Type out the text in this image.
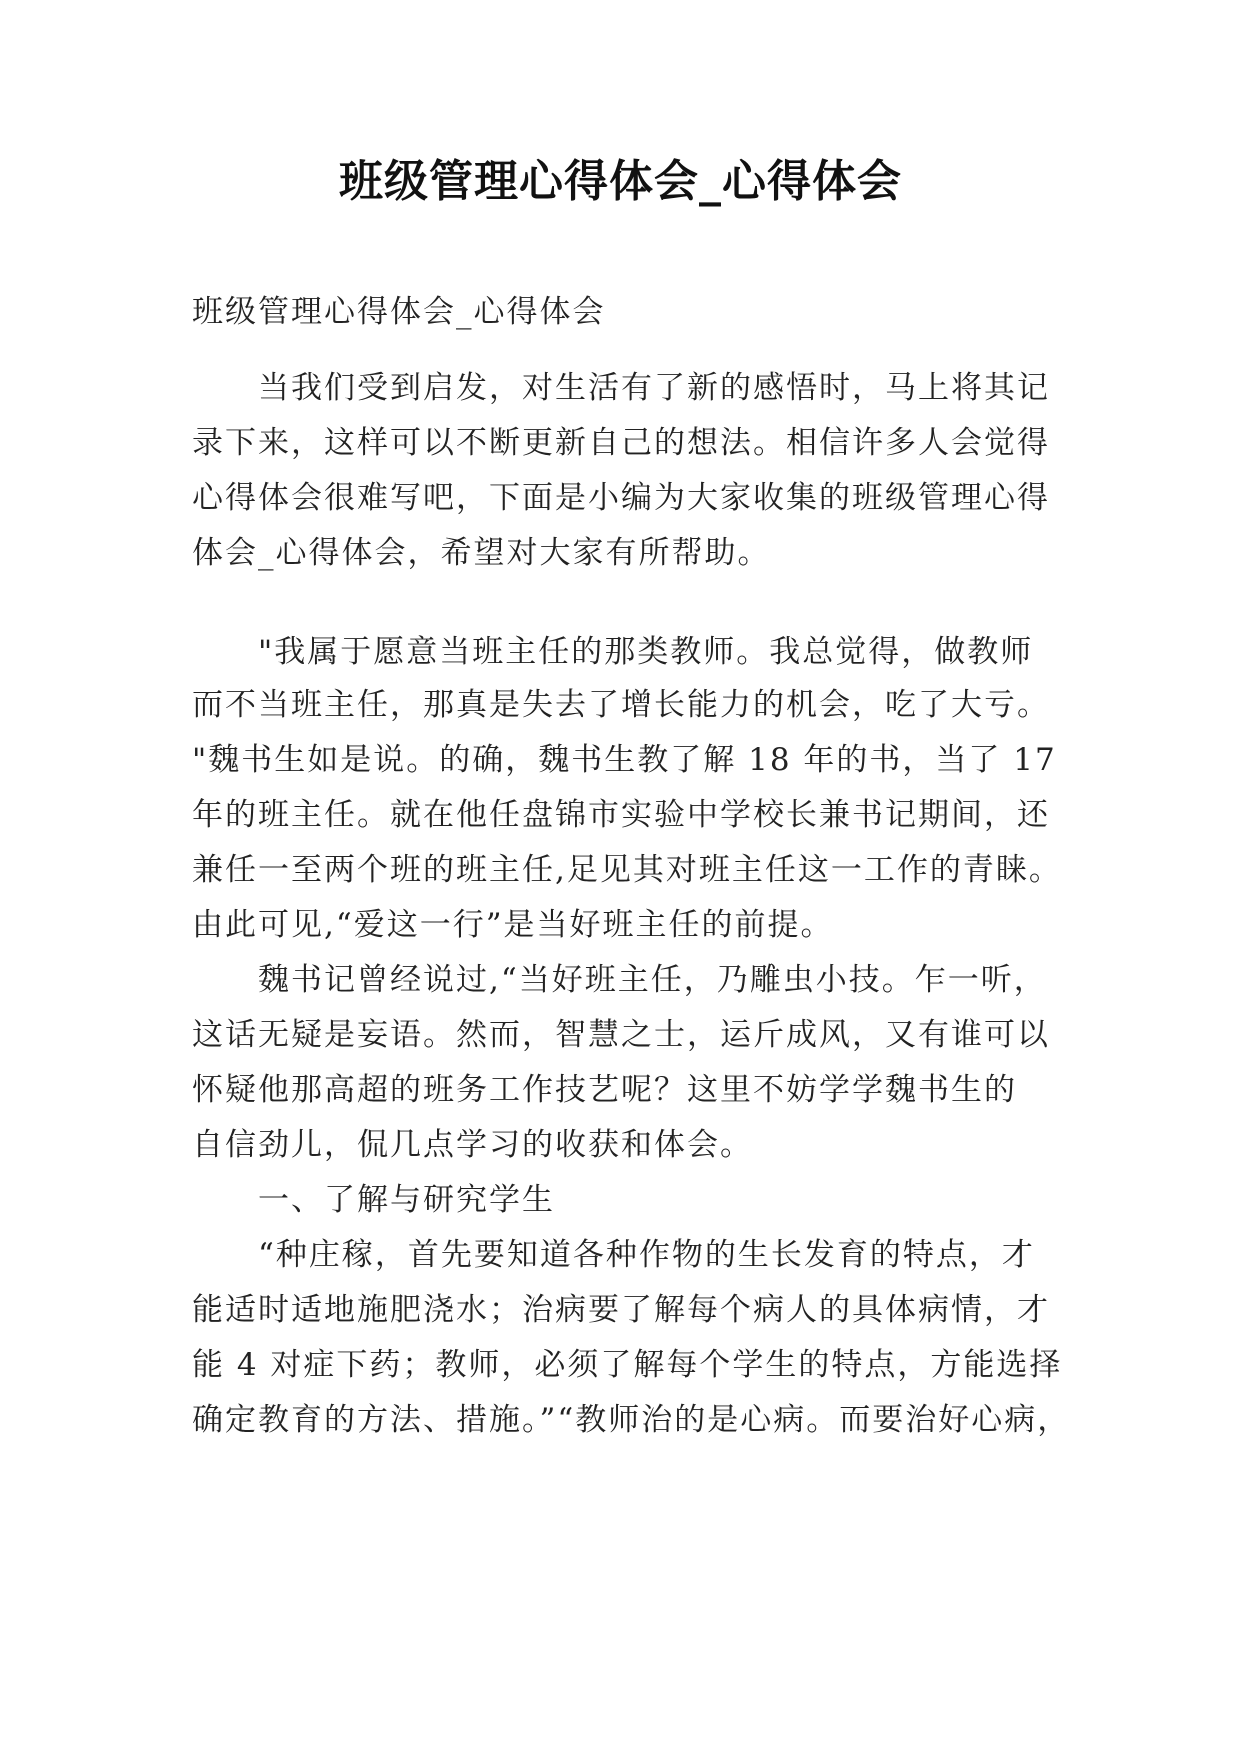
班级管理心得体会_心得体会
班级管理心得体会_心得体会
　　当我们受到启发，对生活有了新的感悟时，马上将其记
录下来，这样可以不断更新自己的想法。相信许多人会觉得
心得体会很难写吧，下面是小编为大家收集的班级管理心得
体会_心得体会，希望对大家有所帮助。
　　"我属于愿意当班主任的那类教师。我总觉得，做教师
而不当班主任，那真是失去了增长能力的机会，吃了大亏。
"魏书生如是说。的确，魏书生教了解 18 年的书，当了 17
年的班主任。就在他任盘锦市实验中学校长兼书记期间，还
兼任一至两个班的班主任,足见其对班主任这一工作的青睐。
由此可见,“爱这一行”是当好班主任的前提。
　　魏书记曾经说过,“当好班主任，乃雕虫小技。乍一听，
这话无疑是妄语。然而，智慧之士，运斤成风，又有谁可以
怀疑他那高超的班务工作技艺呢？这里不妨学学魏书生的
自信劲儿，侃几点学习的收获和体会。
　　一、了解与研究学生
　　“种庄稼，首先要知道各种作物的生长发育的特点，才
能适时适地施肥浇水；治病要了解每个病人的具体病情，才
能 4 对症下药；教师，必须了解每个学生的特点，方能选择
确定教育的方法、措施。”“教师治的是心病。而要治好心病，
